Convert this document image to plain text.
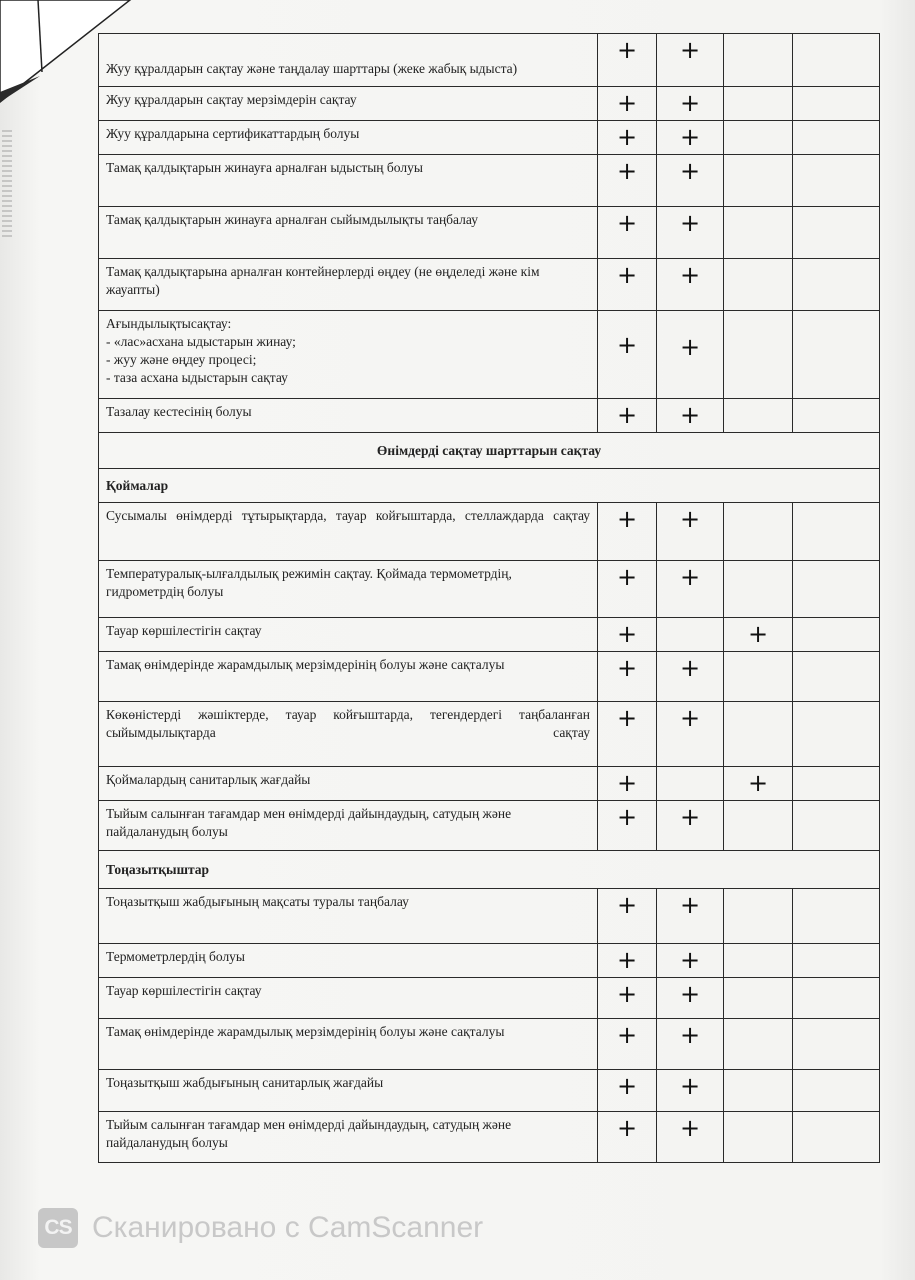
Жуу құралдарын сақтау және таңдалау шарттары (жеке жабық ыдыста)	+	+		
Жуу құралдарын сақтау мерзімдерін сақтау	+	+		
Жуу құралдарына сертификаттардың болуы	+	+		
Тамақ қалдықтарын жинауға арналған ыдыстың болуы	+	+		
Тамақ қалдықтарын жинауға арналған сыйымдылықты таңбалау	+	+		
Тамақ қалдықтарына арналған контейнерлерді өңдеу (не өңделеді және кім жауапты)	+	+		

Ағындылықтысақтау:
- «лас»асхана ыдыстарын жинау;
- жуу және өңдеу процесі;
- таза асхана ыдыстарын сақтау	+	+		
Тазалау кестесінің болуы	+	+		
Өнімдерді сақтау шарттарын сақтау				
Қоймалар				
Сусымалы өнімдерді тұтырықтарда, тауар койғыштарда, стеллаждарда сақтау	+	+		
Температуралық-ылғалдылық режимін сақтау. Қоймада термометрдің, гидрометрдің болуы	+	+		
Тауар көршілестігін сақтау	+		+	
Тамақ өнімдерінде жарамдылық мерзімдерінің болуы және сақталуы	+	+		
Көкөністерді жәшіктерде, тауар койғыштарда, тегендердегі таңбаланған сыйымдылықтарда сақтау	+	+		
Қоймалардың санитарлық жағдайы	+		+	
Тыйым салынған тағамдар мен өнімдерді дайындаудың, сатудың және пайдаланудың болуы	+	+		
Тоңазытқыштар				
Тоңазытқыш жабдығының мақсаты туралы таңбалау	+	+		
Термометрлердің болуы	+	+		
Тауар көршілестігін сақтау	+	+		
Тамақ өнімдерінде жарамдылық мерзімдерінің болуы және сақталуы	+	+		
Тоңазытқыш жабдығының санитарлық жағдайы	+	+		
Тыйым салынған тағамдар мен өнімдерді дайындаудың, сатудың және пайдаланудың болуы	+	+		
CS Сканировано с CamScanner
